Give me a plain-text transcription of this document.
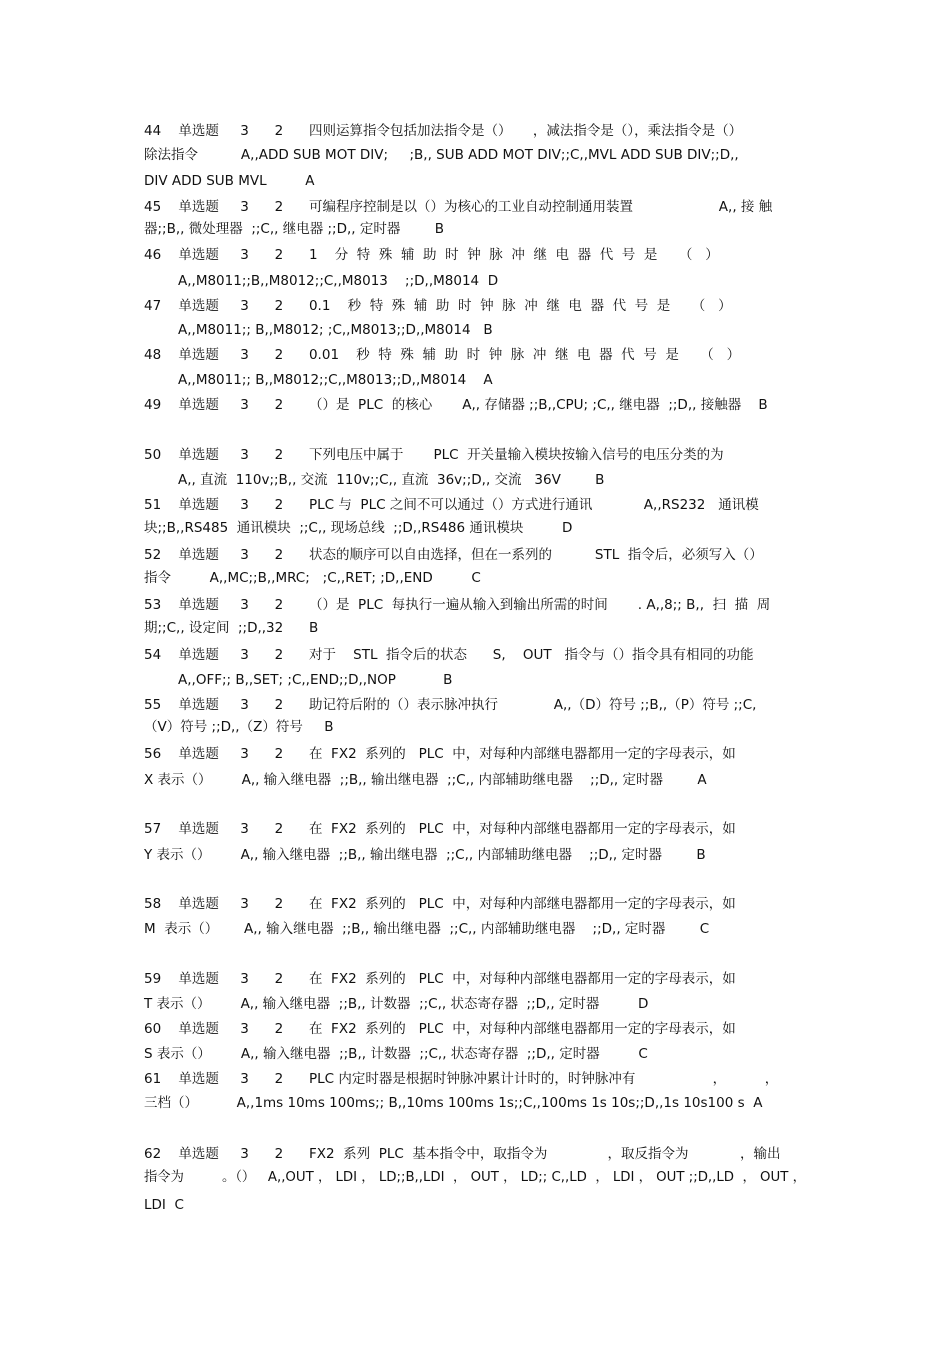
44    单选题     3      2      四则运算指令包括加法指令是（）     ，减法指令是（），乘法指令是（）
除法指令          A,,ADD SUB MOT DIV;     ;B,, SUB ADD MOT DIV;;C,,MVL ADD SUB DIV;;D,,
DIV ADD SUB MVL         A
45    单选题     3      2      可编程序控制是以（）为核心的工业自动控制通用装置                    A,, 接 触
器;;B,, 微处理器  ;;C,, 继电器 ;;D,, 定时器        B
46    单选题     3      2      1    分  特  殊  辅  助  时  钟  脉  冲  继  电  器  代  号  是     （   ）
A,,M8011;;B,,M8012;;C,,M8013    ;;D,,M8014  D
47    单选题     3      2      0.1    秒  特  殊  辅  助  时  钟  脉  冲  继  电  器  代  号  是     （   ）
A,,M8011;; B,,M8012; ;C,,M8013;;D,,M8014   B
48    单选题     3      2      0.01    秒  特  殊  辅  助  时  钟  脉  冲  继  电  器  代  号  是     （   ）
A,,M8011;; B,,M8012;;C,,M8013;;D,,M8014    A
49    单选题     3      2      （）是  PLC  的核心       A,, 存储器 ;;B,,CPU; ;C,, 继电器  ;;D,, 接触器    B
50    单选题     3      2      下列电压中属于       PLC  开关量输入模块按输入信号的电压分类的为
A,, 直流  110v;;B,, 交流  110v;;C,, 直流  36v;;D,, 交流   36V        B
51    单选题     3      2      PLC 与  PLC 之间不可以通过（）方式进行通讯            A,,RS232   通讯模
块;;B,,RS485  通讯模块  ;;C,, 现场总线  ;;D,,RS486 通讯模块         D
52    单选题     3      2      状态的顺序可以自由选择，但在一系列的          STL  指令后，必须写入（）
指令         A,,MC;;B,,MRC;   ;C,,RET; ;D,,END         C
53    单选题     3      2      （）是  PLC  每执行一遍从输入到输出所需的时间       . A,,8;; B,,  扫  描  周
期;;C,, 设定间  ;;D,,32      B
54    单选题     3      2      对于    STL  指令后的状态      S,    OUT   指令与（）指令具有相同的功能
A,,OFF;; B,,SET; ;C,,END;;D,,NOP           B
55    单选题     3      2      助记符后附的（）表示脉冲执行             A,,（D）符号 ;;B,,（P）符号 ;;C,
（V）符号 ;;D,,（Z）符号     B
56    单选题     3      2      在  FX2  系列的   PLC  中，对每种内部继电器都用一定的字母表示，如
X 表示（）       A,, 输入继电器  ;;B,, 输出继电器  ;;C,, 内部辅助继电器    ;;D,, 定时器        A
57    单选题     3      2      在  FX2  系列的   PLC  中，对每种内部继电器都用一定的字母表示，如
Y 表示（）       A,, 输入继电器  ;;B,, 输出继电器  ;;C,, 内部辅助继电器    ;;D,, 定时器        B
58    单选题     3      2      在  FX2  系列的   PLC  中，对每种内部继电器都用一定的字母表示，如
M  表示（）      A,, 输入继电器  ;;B,, 输出继电器  ;;C,, 内部辅助继电器    ;;D,, 定时器        C
59    单选题     3      2      在  FX2  系列的   PLC  中，对每种内部继电器都用一定的字母表示，如
T 表示（）       A,, 输入继电器  ;;B,, 计数器  ;;C,, 状态寄存器  ;;D,, 定时器         D
60    单选题     3      2      在  FX2  系列的   PLC  中，对每种内部继电器都用一定的字母表示，如
S 表示（）       A,, 输入继电器  ;;B,, 计数器  ;;C,, 状态寄存器  ;;D,, 定时器         C
61    单选题     3      2      PLC 内定时器是根据时钟脉冲累计计时的，时钟脉冲有                  ，         ，
三档（）         A,,1ms 10ms 100ms;; B,,10ms 100ms 1s;;C,,100ms 1s 10s;;D,,1s 10s100 s  A
62    单选题     3      2      FX2  系列  PLC  基本指令中，取指令为              ，取反指令为            ，输出
指令为         。（）   A,,OUT ， LDI ， LD;;B,,LDI  ， OUT ， LD;; C,,LD  ， LDI ， OUT ;;D,,LD  ， OUT ，
LDI  C
